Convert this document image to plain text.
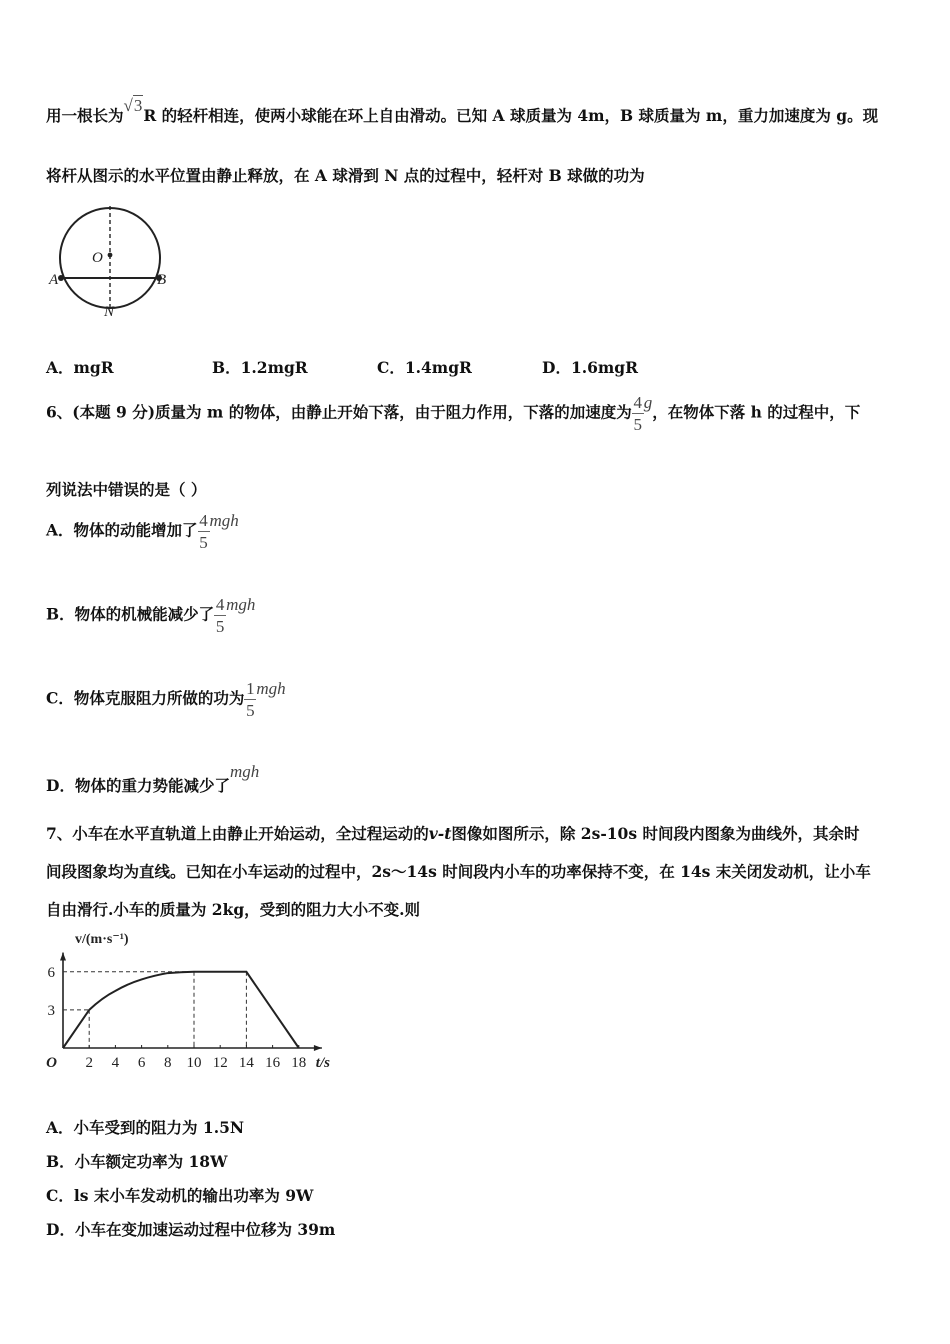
用一根长为√3R 的轻杆相连，使两小球能在环上自由滑动。已知 A 球质量为 4m，B 球质量为 m，重力加速度为 g。现
将杆从图示的水平位置由静止释放，在 A 球滑到 N 点的过程中，轻杆对 B 球做的功为
O
A	B
N
A．mgR	B．1.2mgR	C．1.4mgR	D．1.6mgR
6、(本题 9 分)质量为 m 的物体，由静止开始下落，由于阻力作用，下落的加速度为 $\frac{4}{5}$ g，在物体下落 h 的过程中，下
列说法中错误的是（ ）
A．物体的动能增加了 $\frac{4}{5}$ mgh
B．物体的机械能减少了 $\frac{4}{5}$ mgh
C．物体克服阻力所做的功为 $\frac{1}{5}$ mgh
D．物体的重力势能减少了mgh
7、小车在水平直轨道上由静止开始运动，全过程运动的v-t图像如图所示，除 2s-10s 时间段内图象为曲线外，其余时
间段图象均为直线。已知在小车运动的过程中，2s～14s 时间段内小车的功率保持不变，在 14s 末关闭发动机，让小车
自由滑行.小车的质量为 2kg，受到的阻力大小不变.则
2 4 6 8 10 12 14 16 18
3
6
O	t/s
v/(m·s⁻¹)
A．小车受到的阻力为 1.5N
B．小车额定功率为 18W
C．ls 末小车发动机的输出功率为 9W
D．小车在变加速运动过程中位移为 39m
